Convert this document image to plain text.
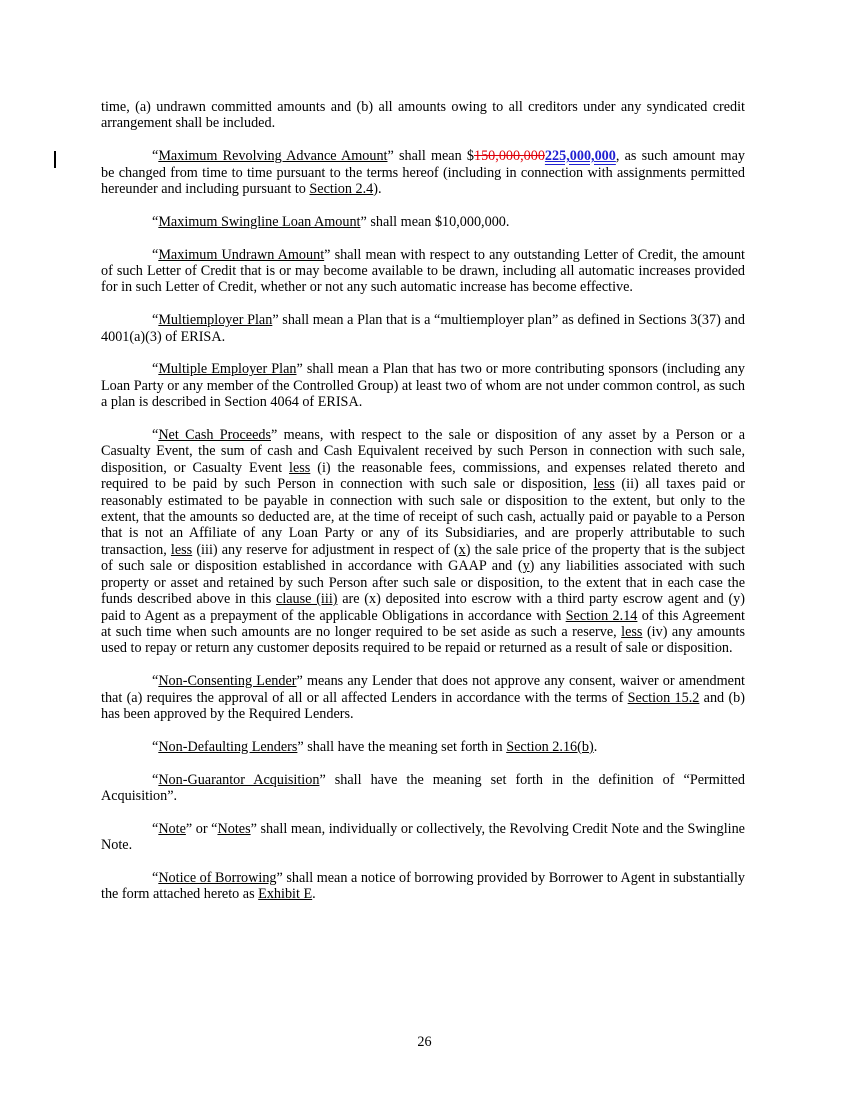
time, (a) undrawn committed amounts and (b) all amounts owing to all creditors under any syndicated credit arrangement shall be included.

“Maximum Revolving Advance Amount” shall mean $150,000,000225,000,000, as such amount may be changed from time to time pursuant to the terms hereof (including in connection with assignments permitted hereunder and including pursuant to Section 2.4).

“Maximum Swingline Loan Amount” shall mean $10,000,000.

“Maximum Undrawn Amount” shall mean with respect to any outstanding Letter of Credit, the amount of such Letter of Credit that is or may become available to be drawn, including all automatic increases provided for in such Letter of Credit, whether or not any such automatic increase has become effective.

“Multiemployer Plan” shall mean a Plan that is a “multiemployer plan” as defined in Sections 3(37) and 4001(a)(3) of ERISA.

“Multiple Employer Plan” shall mean a Plan that has two or more contributing sponsors (including any Loan Party or any member of the Controlled Group) at least two of whom are not under common control, as such a plan is described in Section 4064 of ERISA.

“Net Cash Proceeds” means, with respect to the sale or disposition of any asset by a Person or a Casualty Event, the sum of cash and Cash Equivalent received by such Person in connection with such sale, disposition, or Casualty Event less (i) the reasonable fees, commissions, and expenses related thereto and required to be paid by such Person in connection with such sale or disposition, less (ii) all taxes paid or reasonably estimated to be payable in connection with such sale or disposition to the extent, but only to the extent, that the amounts so deducted are, at the time of receipt of such cash, actually paid or payable to a Person that is not an Affiliate of any Loan Party or any of its Subsidiaries, and are properly attributable to such transaction, less (iii) any reserve for adjustment in respect of (x) the sale price of the property that is the subject of such sale or disposition established in accordance with GAAP and (y) any liabilities associated with such property or asset and retained by such Person after such sale or disposition, to the extent that in each case the funds described above in this clause (iii) are (x) deposited into escrow with a third party escrow agent and (y) paid to Agent as a prepayment of the applicable Obligations in accordance with Section 2.14 of this Agreement at such time when such amounts are no longer required to be set aside as such a reserve, less (iv) any amounts used to repay or return any customer deposits required to be repaid or returned as a result of sale or disposition.

“Non-Consenting Lender” means any Lender that does not approve any consent, waiver or amendment that (a) requires the approval of all or all affected Lenders in accordance with the terms of Section 15.2 and (b) has been approved by the Required Lenders.

“Non-Defaulting Lenders” shall have the meaning set forth in Section 2.16(b).

“Non-Guarantor Acquisition” shall have the meaning set forth in the definition of “Permitted Acquisition”.

“Note” or “Notes” shall mean, individually or collectively, the Revolving Credit Note and the Swingline Note.

“Notice of Borrowing” shall mean a notice of borrowing provided by Borrower to Agent in substantially the form attached hereto as Exhibit E.

26
